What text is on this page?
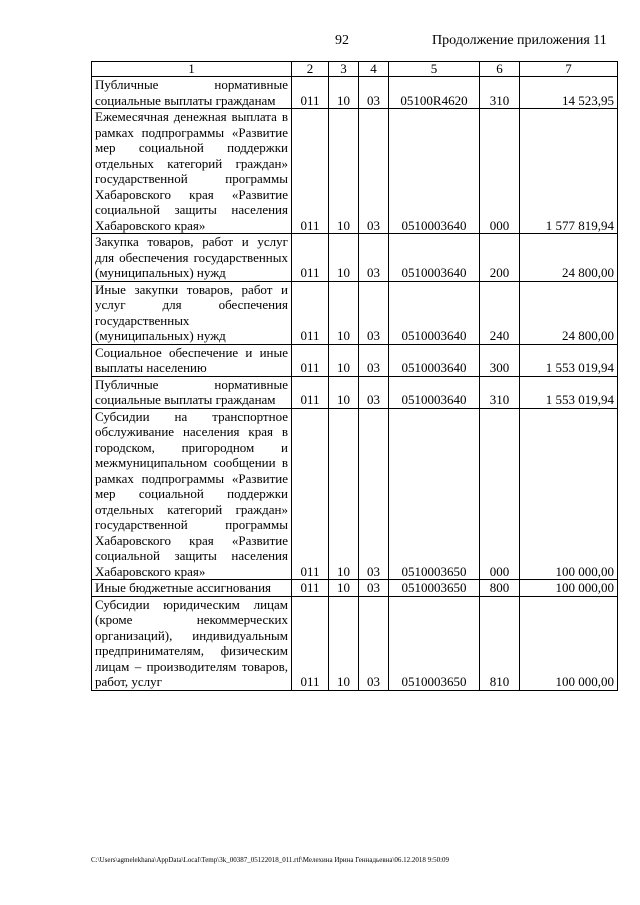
92	Продолжение приложения 11
1	2	3	4	5	6	7
Публичные нормативные социальные выплаты гражданам	011	10	03	05100R4620	310	14 523,95
Ежемесячная денежная выплата в рамках подпрограммы «Развитие мер социальной поддержки отдельных категорий граждан» государственной программы Хабаровского края «Развитие социальной защиты населения Хабаровского края»	011	10	03	0510003640	000	1 577 819,94
Закупка товаров, работ и услуг для обеспечения государственных (муниципальных) нужд	011	10	03	0510003640	200	24 800,00
Иные закупки товаров, работ и услуг для обеспечения государственных (муниципальных) нужд	011	10	03	0510003640	240	24 800,00
Социальное обеспечение и иные выплаты населению	011	10	03	0510003640	300	1 553 019,94
Публичные нормативные социальные выплаты гражданам	011	10	03	0510003640	310	1 553 019,94
Субсидии на транспортное обслуживание населения края в городском, пригородном и межмуниципальном сообщении в рамках подпрограммы «Развитие мер социальной поддержки отдельных категорий граждан» государственной программы Хабаровского края «Развитие социальной защиты населения Хабаровского края»	011	10	03	0510003650	000	100 000,00
Иные бюджетные ассигнования	011	10	03	0510003650	800	100 000,00
Субсидии юридическим лицам (кроме некоммерческих организаций), индивидуальным предпринимателям, физическим лицам – производителям товаров, работ, услуг	011	10	03	0510003650	810	100 000,00
C:\Users\agmelekhana\AppData\Local\Temp\3k_00387_05122018_011.rtf\Мелехина Ирина Геннадьевна\06.12.2018 9:50:09
